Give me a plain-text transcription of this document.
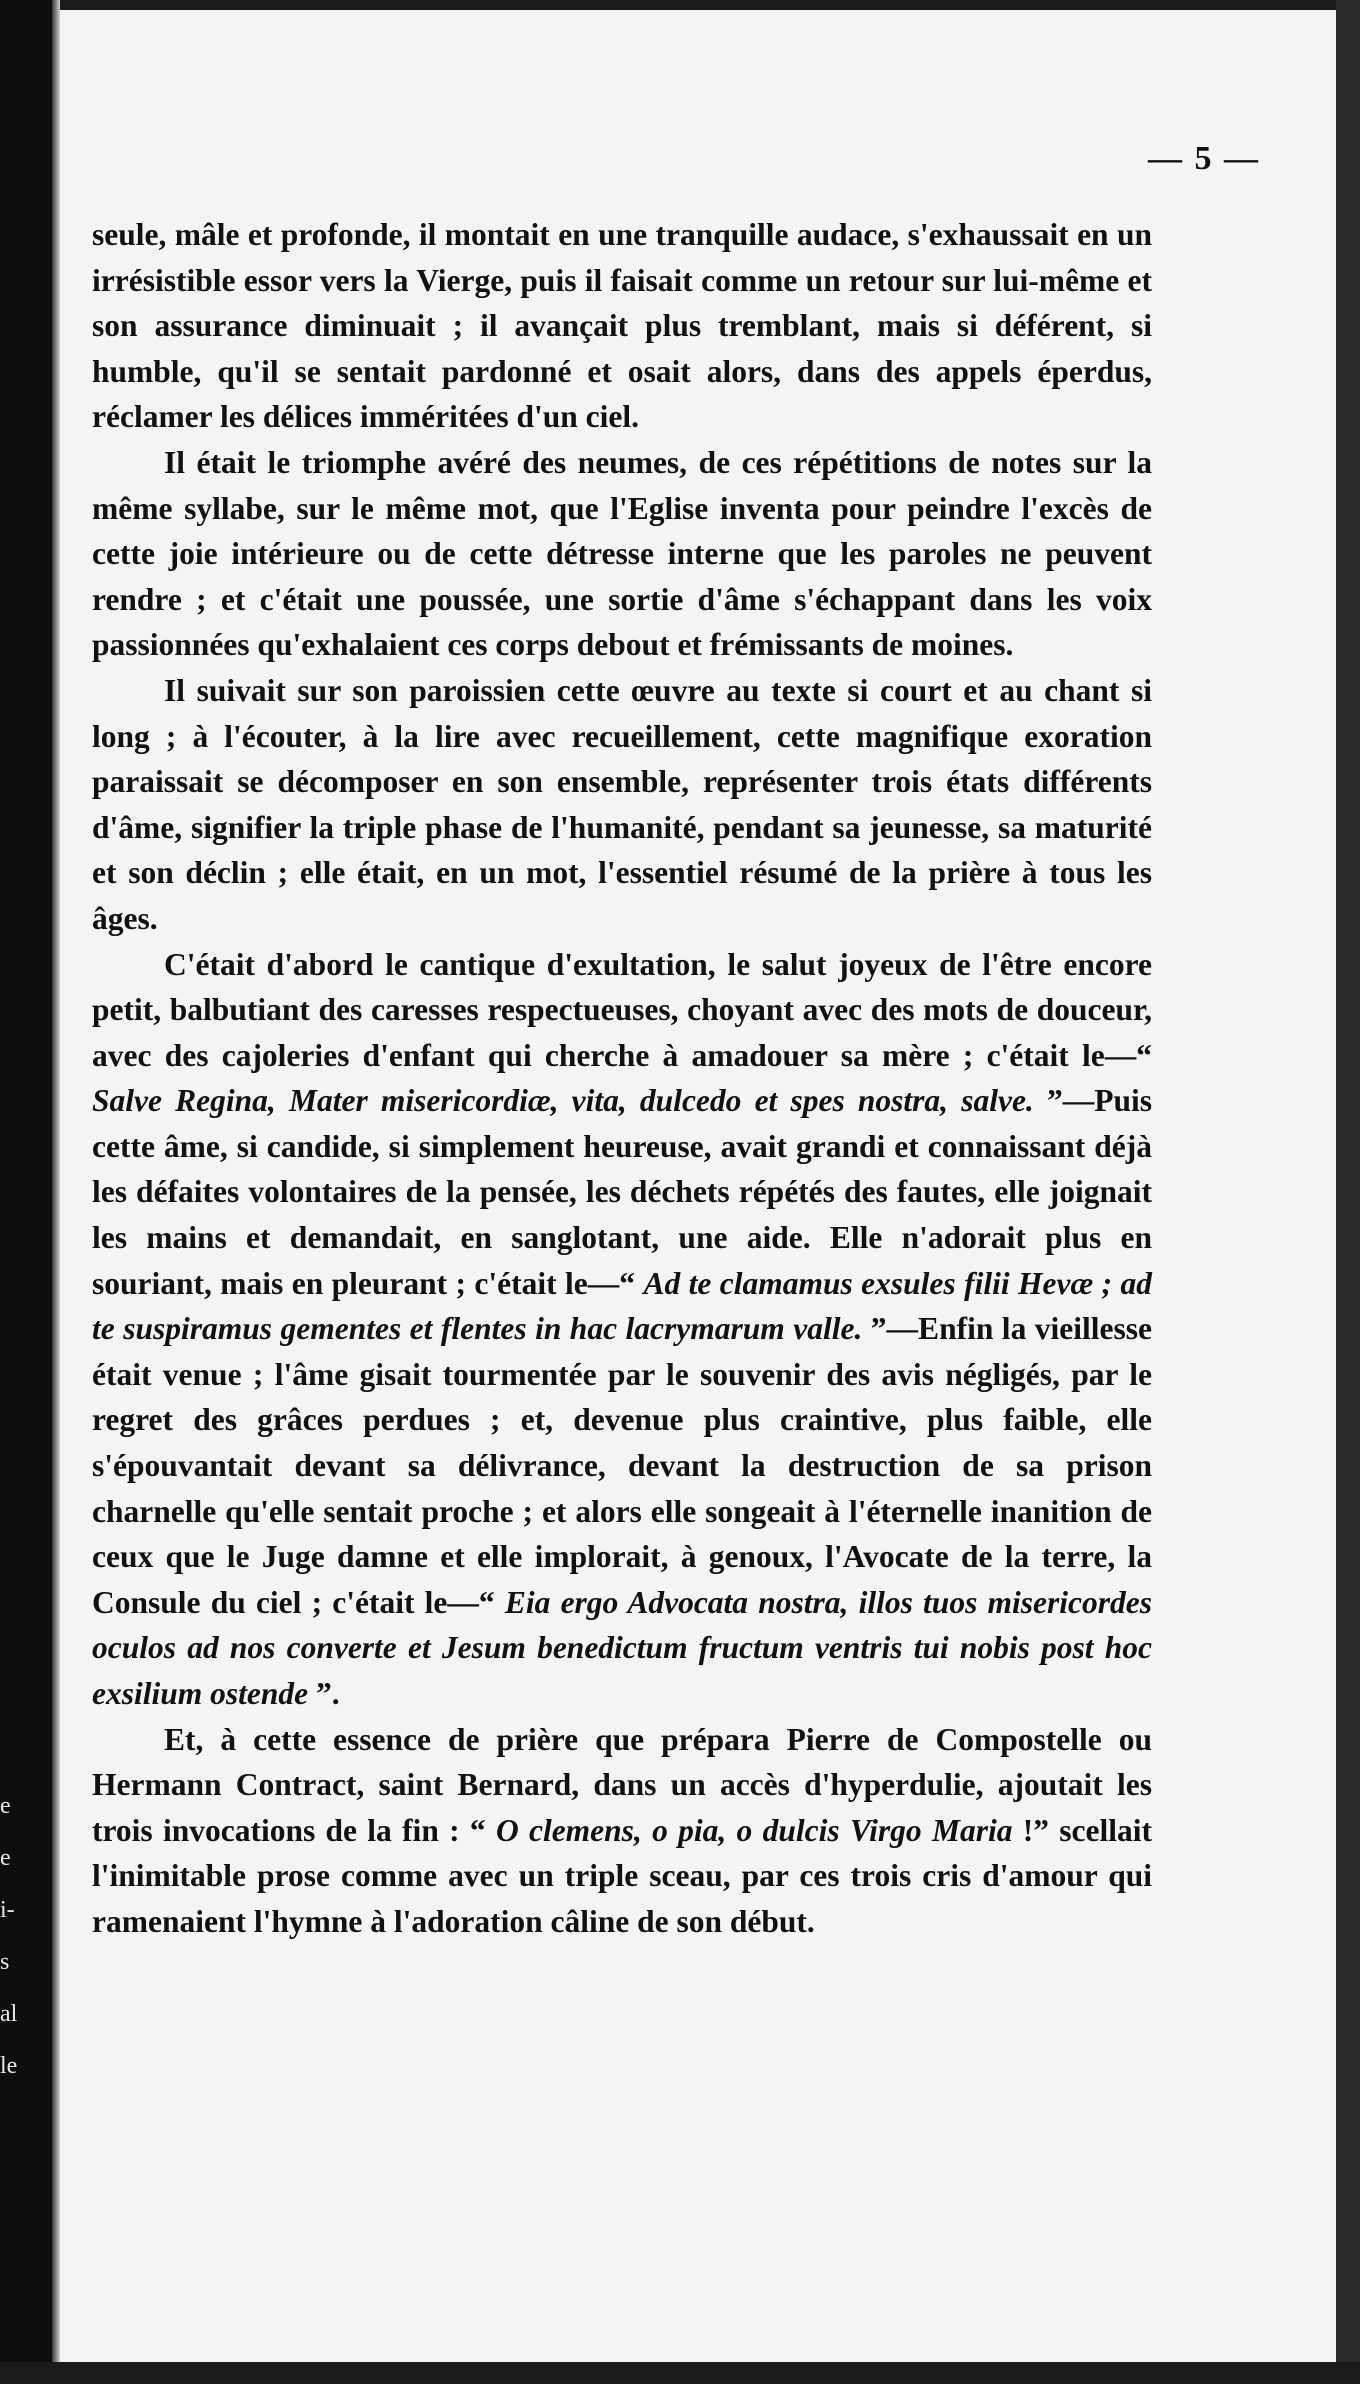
e
e
i-
s
al
le
— 5 —

seule, mâle et profonde, il montait en une tranquille audace, s'exhaussait en un irrésistible essor vers la Vierge, puis il faisait comme un retour sur lui-même et son assurance diminuait ; il avançait plus tremblant, mais si déférent, si humble, qu'il se sentait pardonné et osait alors, dans des appels éperdus, réclamer les délices imméritées d'un ciel.

Il était le triomphe avéré des neumes, de ces répétitions de notes sur la même syllabe, sur le même mot, que l'Eglise inventa pour peindre l'excès de cette joie intérieure ou de cette détresse interne que les paroles ne peuvent rendre ; et c'était une poussée, une sortie d'âme s'échappant dans les voix passionnées qu'exhalaient ces corps debout et frémissants de moines.

Il suivait sur son paroissien cette œuvre au texte si court et au chant si long ; à l'écouter, à la lire avec recueillement, cette magnifique exoration paraissait se décomposer en son ensemble, représenter trois états différents d'âme, signifier la triple phase de l'humanité, pendant sa jeunesse, sa maturité et son déclin ; elle était, en un mot, l'essentiel résumé de la prière à tous les âges.

C'était d'abord le cantique d'exultation, le salut joyeux de l'être encore petit, balbutiant des caresses respectueuses, choyant avec des mots de douceur, avec des cajoleries d'enfant qui cherche à amadouer sa mère ; c'était le—“ Salve Regina, Mater misericordiæ, vita, dulcedo et spes nostra, salve. ”—Puis cette âme, si candide, si simplement heureuse, avait grandi et connaissant déjà les défaites volontaires de la pensée, les déchets répétés des fautes, elle joignait les mains et demandait, en sanglotant, une aide. Elle n'adorait plus en souriant, mais en pleurant ; c'était le—“ Ad te clamamus exsules filii Hevæ ; ad te suspiramus gementes et flentes in hac lacrymarum valle. ”—Enfin la vieillesse était venue ; l'âme gisait tourmentée par le souvenir des avis négligés, par le regret des grâces perdues ; et, devenue plus craintive, plus faible, elle s'épouvantait devant sa délivrance, devant la destruction de sa prison charnelle qu'elle sentait proche ; et alors elle songeait à l'éternelle inanition de ceux que le Juge damne et elle implorait, à genoux, l'Avocate de la terre, la Consule du ciel ; c'était le—“ Eia ergo Advocata nostra, illos tuos misericordes oculos ad nos converte et Jesum benedictum fructum ventris tui nobis post hoc exsilium ostende ”.

Et, à cette essence de prière que prépara Pierre de Compostelle ou Hermann Contract, saint Bernard, dans un accès d'hyperdulie, ajoutait les trois invocations de la fin : “ O clemens, o pia, o dulcis Virgo Maria !” scellait l'inimitable prose comme avec un triple sceau, par ces trois cris d'amour qui ramenaient l'hymne à l'adoration câline de son début.
